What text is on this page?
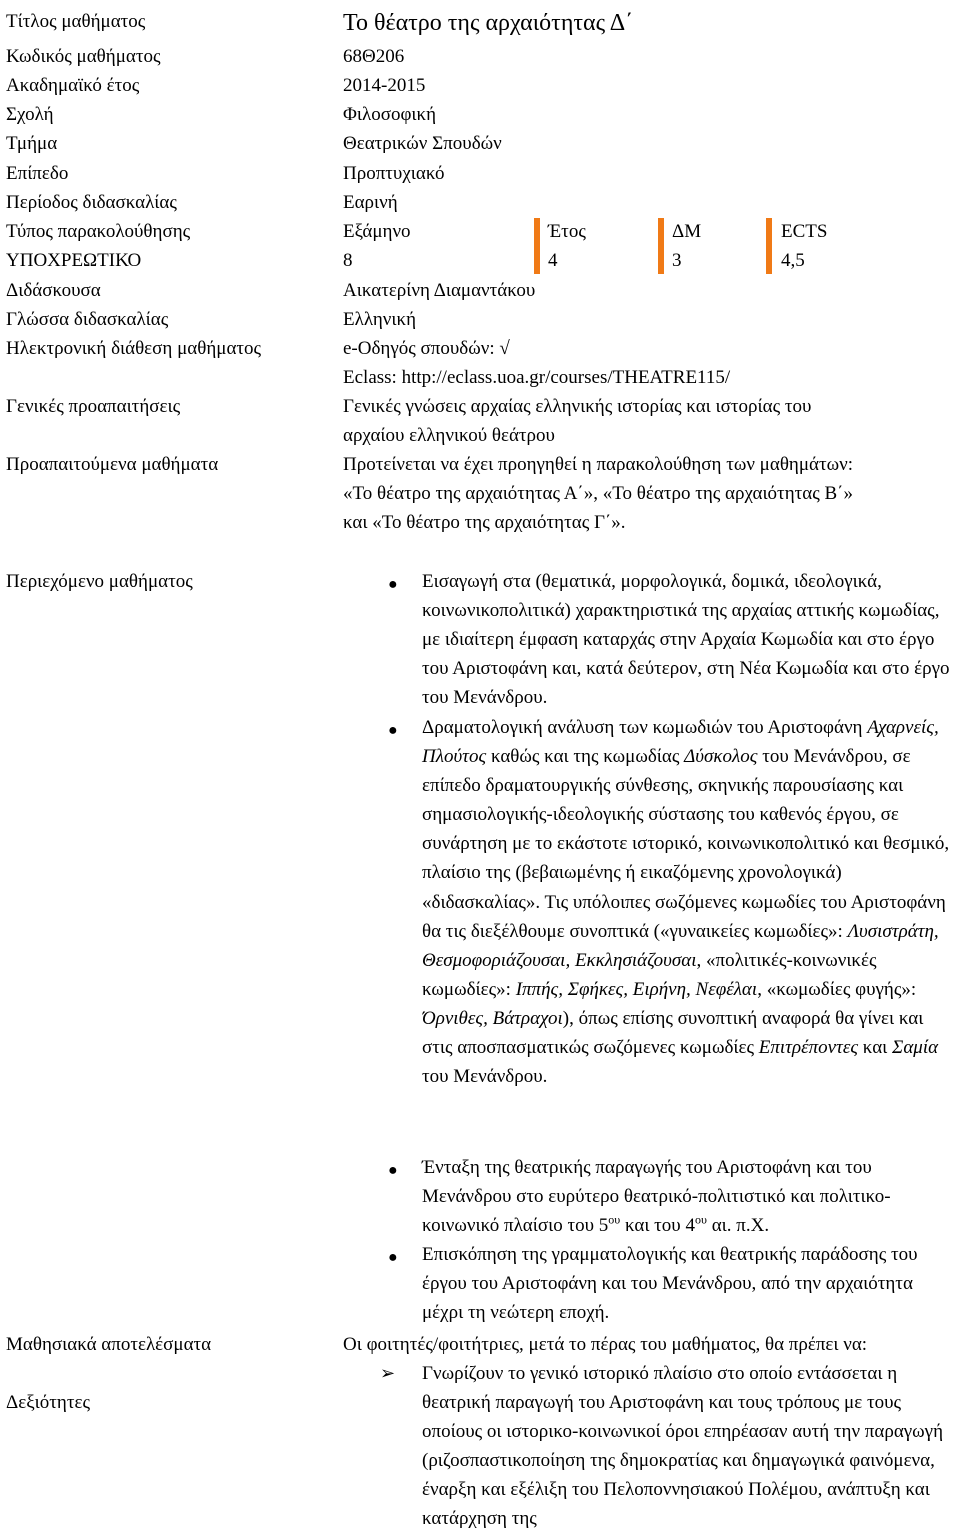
Τίτλος μαθήματος	Το θέατρο της αρχαιότητας Δ΄
Κωδικός μαθήματος	68Θ206
Ακαδημαϊκό έτος	2014-2015
Σχολή	Φιλοσοφική
Τμήμα	Θεατρικών Σπουδών
Επίπεδο	Προπτυχιακό
Περίοδος διδασκαλίας	Εαρινή
Τύπος παρακολούθησης	Εξάμηνο	Έτος	ΔΜ	ECTS
ΥΠΟΧΡΕΩΤΙΚΟ	8	4	3	4,5
Διδάσκουσα	Αικατερίνη Διαμαντάκου
Γλώσσα διδασκαλίας	Ελληνική
Ηλεκτρονική διάθεση μαθήματος	e-Οδηγός σπουδών: √
Eclass: http://eclass.uoa.gr/courses/THEATRE115/
Γενικές προαπαιτήσεις	Γενικές γνώσεις αρχαίας ελληνικής ιστορίας και ιστορίας του
αρχαίου ελληνικού θεάτρου
Προαπαιτούμενα μαθήματα	Προτείνεται να έχει προηγηθεί η παρακολούθηση των μαθημάτων:
«Το θέατρο της αρχαιότητας Α΄», «Το θέατρο της αρχαιότητας Β΄»
και «Το θέατρο της αρχαιότητας Γ΄».
Περιεχόμενο μαθήματος	● Εισαγωγή στα (θεματικά, μορφολογικά, δομικά, ιδεολογικά, κοινωνικοπολιτικά) χαρακτηριστικά της αρχαίας αττικής κωμωδίας, με ιδιαίτερη έμφαση καταρχάς στην Αρχαία Κωμωδία και στο έργο του Αριστοφάνη και, κατά δεύτερον, στη Νέα Κωμωδία και στο έργο του Μενάνδρου.
● Δραματολογική ανάλυση των κωμωδιών του Αριστοφάνη Αχαρνείς, Πλούτος καθώς και της κωμωδίας Δύσκολος του Μενάνδρου, σε επίπεδο δραματουργικής σύνθεσης, σκηνικής παρουσίασης και σημασιολογικής-ιδεολογικής σύστασης του καθενός έργου, σε συνάρτηση με το εκάστοτε ιστορικό, κοινωνικοπολιτικό και θεσμικό, πλαίσιο της (βεβαιωμένης ή εικαζόμενης χρονολογικά) «διδασκαλίας». Τις υπόλοιπες σωζόμενες κωμωδίες του Αριστοφάνη θα τις διεξέλθουμε συνοπτικά («γυναικείες κωμωδίες»: Λυσιστράτη, Θεσμοφοριάζουσαι, Εκκλησιάζουσαι, «πολιτικές-κοινωνικές κωμωδίες»: Ιππής, Σφήκες, Ειρήνη, Νεφέλαι, «κωμωδίες φυγής»: Όρνιθες, Βάτραχοι), όπως επίσης συνοπτική αναφορά θα γίνει και στις αποσπασματικώς σωζόμενες κωμωδίες Επιτρέποντες και Σαμία του Μενάνδρου.
● Ένταξη της θεατρικής παραγωγής του Αριστοφάνη και του Μενάνδρου στο ευρύτερο θεατρικό-πολιτιστικό και πολιτικο-κοινωνικό πλαίσιο του $5^{o\upsilon}$ και του $4^{o\upsilon}$ αι. π.Χ.
● Επισκόπηση της γραμματολογικής και θεατρικής παράδοσης του έργου του Αριστοφάνη και του Μενάνδρου, από την αρχαιότητα μέχρι τη νεώτερη εποχή.
Μαθησιακά αποτελέσματα	Οι φοιτητές/φοιτήτριες, μετά το πέρας του μαθήματος, θα πρέπει να:
Δεξιότητες
➢ Γνωρίζουν το γενικό ιστορικό πλαίσιο στο οποίο εντάσσεται η θεατρική παραγωγή του Αριστοφάνη και τους τρόπους με τους οποίους οι ιστορικο-κοινωνικοί όροι επηρέασαν αυτή την παραγωγή (ριζοσπαστικοποίηση της δημοκρατίας και δημαγωγικά φαινόμενα, έναρξη και εξέλιξη του Πελοποννησιακού Πολέμου, ανάπτυξη και κατάρχηση της
